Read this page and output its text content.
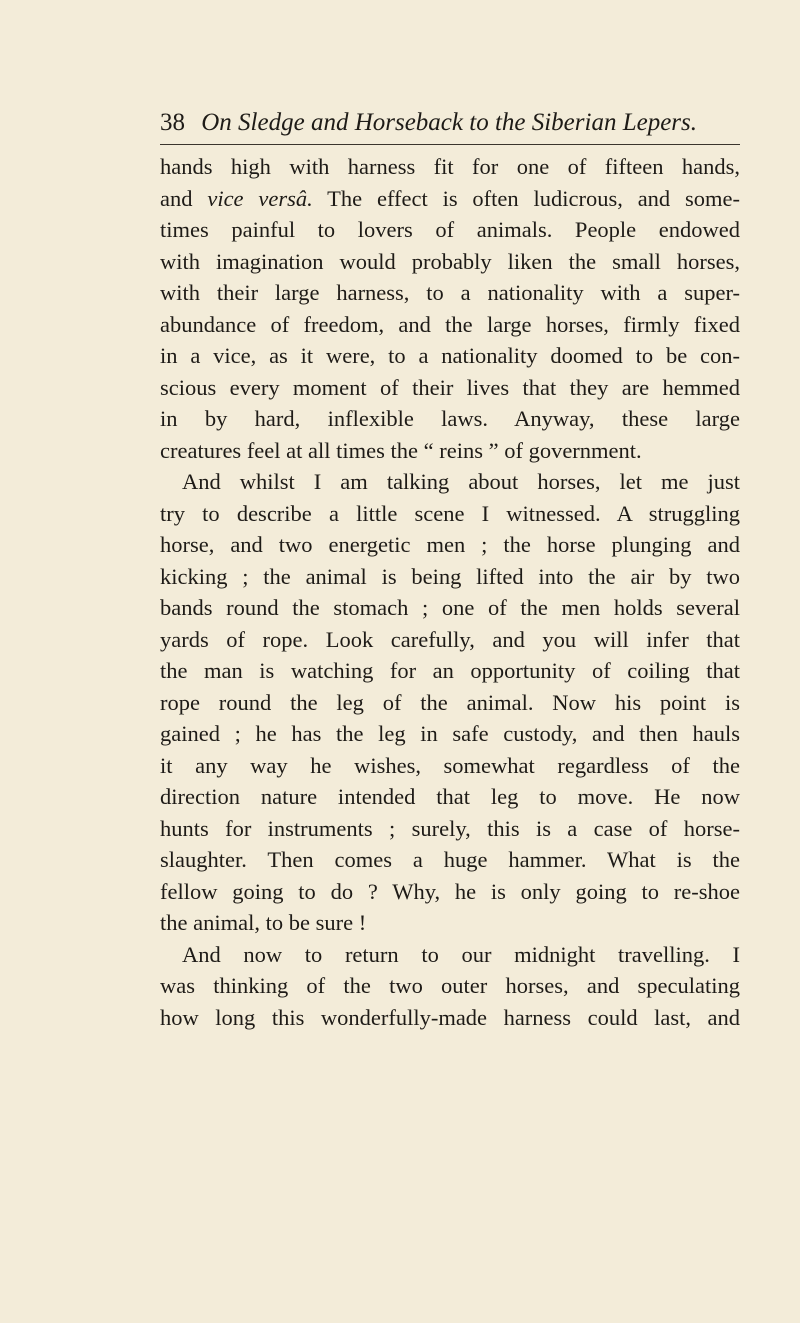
38 On Sledge and Horseback to the Siberian Lepers.
hands high with harness fit for one of fifteen hands,
and vice versâ. The effect is often ludicrous, and some-
times painful to lovers of animals. People endowed
with imagination would probably liken the small horses,
with their large harness, to a nationality with a super-
abundance of freedom, and the large horses, firmly fixed
in a vice, as it were, to a nationality doomed to be con-
scious every moment of their lives that they are hemmed
in by hard, inflexible laws. Anyway, these large
creatures feel at all times the “ reins ” of government.
And whilst I am talking about horses, let me just
try to describe a little scene I witnessed. A struggling
horse, and two energetic men ; the horse plunging and
kicking ; the animal is being lifted into the air by two
bands round the stomach ; one of the men holds several
yards of rope. Look carefully, and you will infer that
the man is watching for an opportunity of coiling that
rope round the leg of the animal. Now his point is
gained ; he has the leg in safe custody, and then hauls
it any way he wishes, somewhat regardless of the
direction nature intended that leg to move. He now
hunts for instruments ; surely, this is a case of horse-
slaughter. Then comes a huge hammer. What is the
fellow going to do ? Why, he is only going to re-shoe
the animal, to be sure !
And now to return to our midnight travelling. I
was thinking of the two outer horses, and speculating
how long this wonderfully-made harness could last, and
